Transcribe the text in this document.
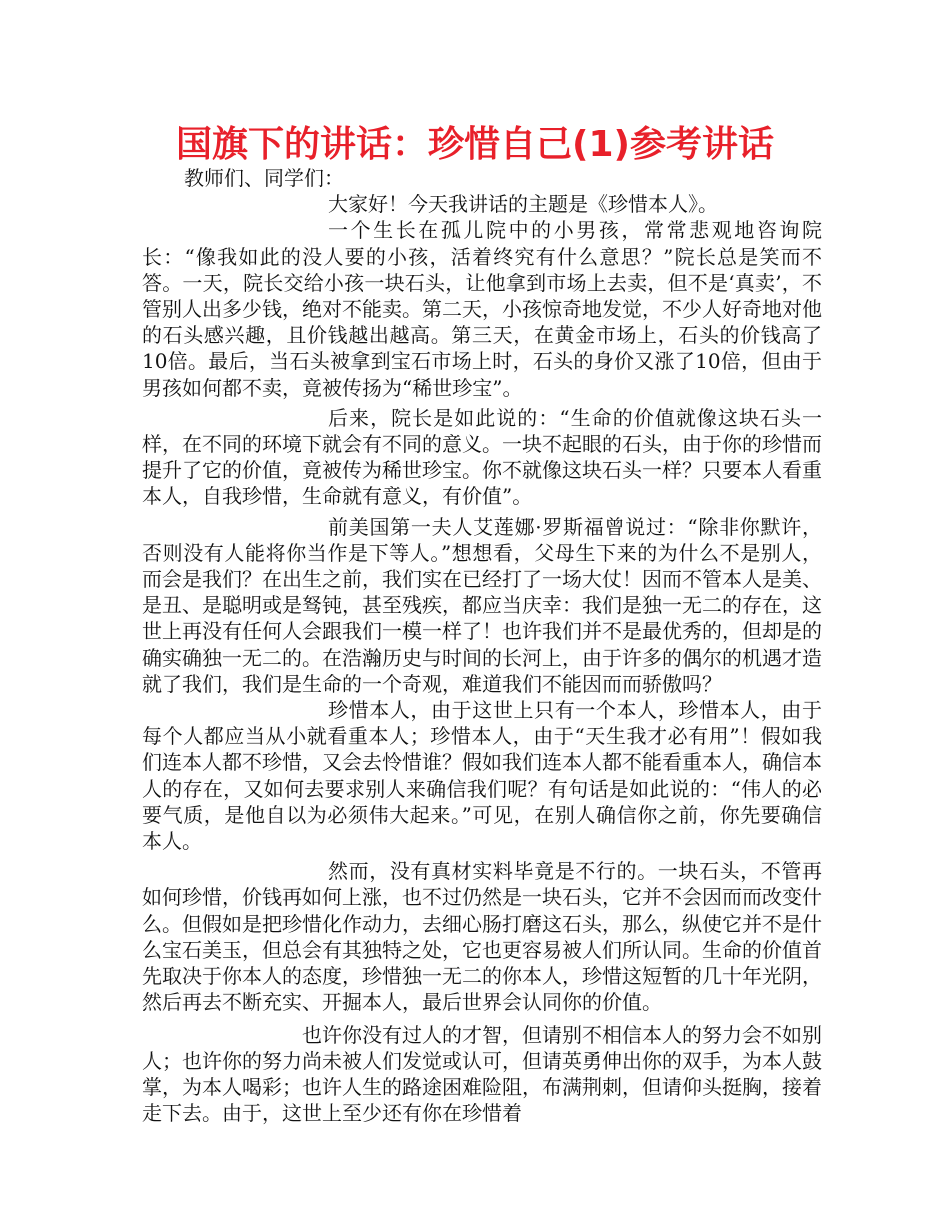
国旗下的讲话：珍惜自己(1)参考讲话

教师们、同学们：

大家好！今天我讲话的主题是《珍惜本人》。

一个生长在孤儿院中的小男孩，常常悲观地咨询院长：“像我如此的没人要的小孩，活着终究有什么意思？”院长总是笑而不答。一天，院长交给小孩一块石头，让他拿到市场上去卖，但不是‘真卖’，不管别人出多少钱，绝对不能卖。第二天，小孩惊奇地发觉，不少人好奇地对他的石头感兴趣，且价钱越出越高。第三天，在黄金市场上，石头的价钱高了10倍。最后，当石头被拿到宝石市场上时，石头的身价又涨了10倍，但由于男孩如何都不卖，竟被传扬为“稀世珍宝”。

后来，院长是如此说的：“生命的价值就像这块石头一样，在不同的环境下就会有不同的意义。一块不起眼的石头，由于你的珍惜而提升了它的价值，竟被传为稀世珍宝。你不就像这块石头一样？只要本人看重本人，自我珍惜，生命就有意义，有价值”。

前美国第一夫人艾莲娜·罗斯福曾说过：“除非你默许，否则没有人能将你当作是下等人。”想想看，父母生下来的为什么不是别人，而会是我们？在出生之前，我们实在已经打了一场大仗！因而不管本人是美、是丑、是聪明或是驽钝，甚至残疾，都应当庆幸：我们是独一无二的存在，这世上再没有任何人会跟我们一模一样了！也许我们并不是最优秀的，但却是的确实确独一无二的。在浩瀚历史与时间的长河上，由于许多的偶尔的机遇才造就了我们，我们是生命的一个奇观，难道我们不能因而而骄傲吗？

珍惜本人，由于这世上只有一个本人，珍惜本人，由于每个人都应当从小就看重本人；珍惜本人，由于“天生我才必有用”！假如我们连本人都不珍惜，又会去怜惜谁？假如我们连本人都不能看重本人，确信本人的存在，又如何去要求别人来确信我们呢？有句话是如此说的：“伟人的必要气质，是他自以为必须伟大起来。”可见，在别人确信你之前，你先要确信本人。

然而，没有真材实料毕竟是不行的。一块石头，不管再如何珍惜，价钱再如何上涨，也不过仍然是一块石头，它并不会因而而改变什么。但假如是把珍惜化作动力，去细心肠打磨这石头，那么，纵使它并不是什么宝石美玉，但总会有其独特之处，它也更容易被人们所认同。生命的价值首先取决于你本人的态度，珍惜独一无二的你本人，珍惜这短暂的几十年光阴，然后再去不断充实、开掘本人，最后世界会认同你的价值。

也许你没有过人的才智，但请别不相信本人的努力会不如别人；也许你的努力尚未被人们发觉或认可，但请英勇伸出你的双手，为本人鼓掌，为本人喝彩；也许人生的路途困难险阻，布满荆刺，但请仰头挺胸，接着走下去。由于，这世上至少还有你在珍惜着
